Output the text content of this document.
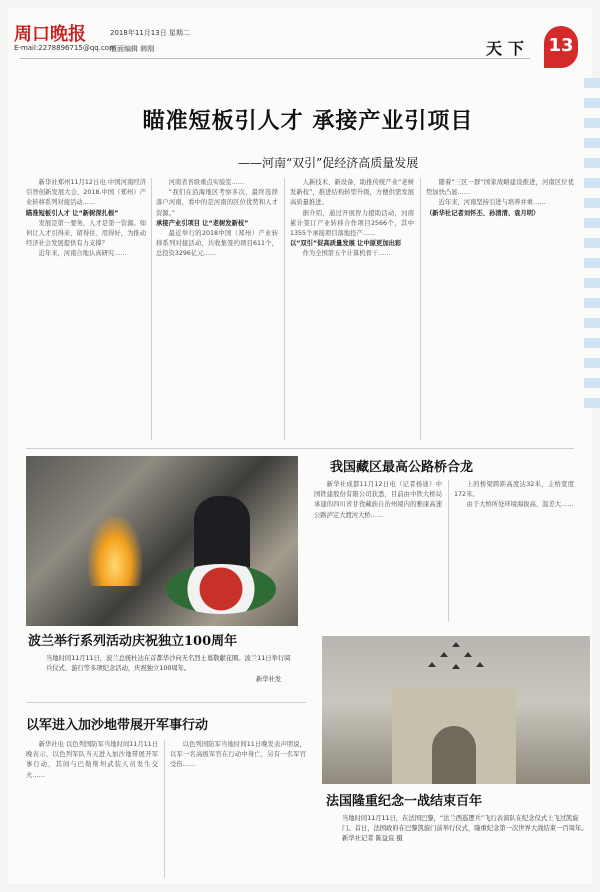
周口晚报	2018年11月13日 星期二
E-mail:2278896715@qq.com
版面编辑 韩刚	天下 13
瞄准短板引人才 承接产业引项目
——河南“双引”促经济高质量发展

新华社郑州11月12日电 中国河南经济引智创新发展大会，2018.中国（郑州）产业转移系列对接活动……

瞄准短板引人才 让“新树深扎根”

发展是第一要务，人才是第一资源。如何让人才引得来、留得住、用得好，为推动经济社会发展提供有力支撑？

近年来，河南合地认真研究……

河南省省级重点实验室……

“我们在沿海地区考察多次，最终选择落户河南，看中的是河南的区位优势和人才资源。”

承接产业引项目 让“老树发新枝”

最近举行的2018中国（郑州）产业转移系列对接活动，共收集签约项目611个，总投资3296亿元……

人新技术、新设备，助推传统产业“老树发新枝”，推进结构转型升级，方便供需发展高质量推进。

据介绍，通过开展智力援助活动，河南累计签订产业转移合作项目2566个，其中1355个承接项目落地投产……

以“双引”促高质量发展 让中原更加出彩

作为全国第五个计算机骨干……

随着“三区一群”国家战略建设推进，河南区位优势加快凸显……

近年来，河南坚持引进与培养并重……

（新华社记者刘怀丕、孙清清、袁月明）

波兰举行系列活动庆祝独立100周年
当地时间11月11日，波兰总统杜达在首都华沙向无名烈士墓敬献花圈。波兰11日举行阅兵仪式、游行等多项纪念活动，庆祝独立100周年。
新华社发
我国藏区最高公路桥合龙

新华社成都11月12日电（记者杨迪）中国铁建股份有限公司获悉，目前由中铁大桥局承建的四川省甘孜藏族自治州境内的雅康高速公路泸定大渡河大桥……

上的桥梁跨距高度达32米，主桥宽度172米。

由于大桥所处环境海拔高、温差大……

以军进入加沙地带展开军事行动

新华社电 以色列国防军当地时间11月11日晚表示，以色列军队当天进入加沙地带展开军事行动，其间与巴勒斯坦武装人员发生交火……

以色列国防军当地时间11日晚发表声明说，以军一名高级军官在行动中身亡，另有一名军官受伤……

法国隆重纪念一战结束百年
当地时间11月11日，在法国巴黎，“法兰西巡逻兵”飞行表演队在纪念仪式上飞过凯旋门。首日，法国政府在巴黎凯旋门前举行仪式，隆重纪念第一次世界大战结束一百周年。 新华社记者 陈益宸 摄
